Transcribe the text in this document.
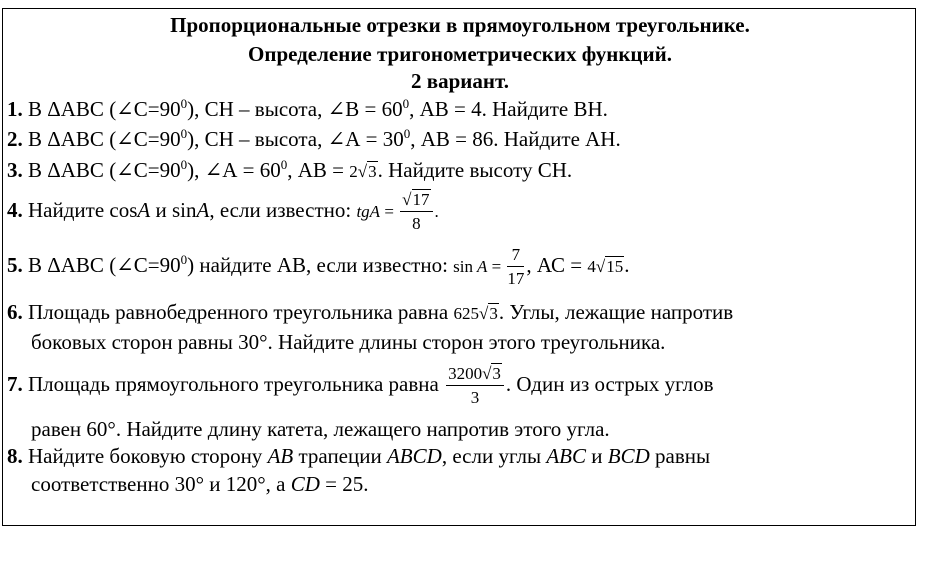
Пропорциональные отрезки в прямоугольном треугольнике.
Определение тригонометрических функций.
2 вариант.
1. В ΔАВС $(\angle С=90^0)$, СН – высота, ∠В = $60^0$, АВ = 4. Найдите ВН.
2. В ΔАВС $(\angle С=90^0)$, СН – высота, ∠А = $30^0$, АВ = 86. Найдите АН.
3. В ΔАВС $(\angle С=90^0)$, ∠А = $60^0$, АВ = 2√3. Найдите высоту СН.
4. Найдите cosA и sinA, если известно: tgA = $\frac{√17}{8}$ .
5. В ΔАВС $(\angle С=90^0)$ найдите АВ, если известно: $\sin A = \frac{7}{17}$ , АС = 4√15.
6. Площадь равнобедренного треугольника равна 625√3. Углы, лежащие напротив
боковых сторон равны 30°. Найдите длины сторон этого треугольника.
7. Площадь прямоугольного треугольника равна $\frac{3200√3}{3}$ . Один из острых углов
равен 60°. Найдите длину катета, лежащего напротив этого угла.
8. Найдите боковую сторону AB трапеции ABCD, если углы ABC и BCD равны
соответственно 30° и 120°, а CD = 25.
